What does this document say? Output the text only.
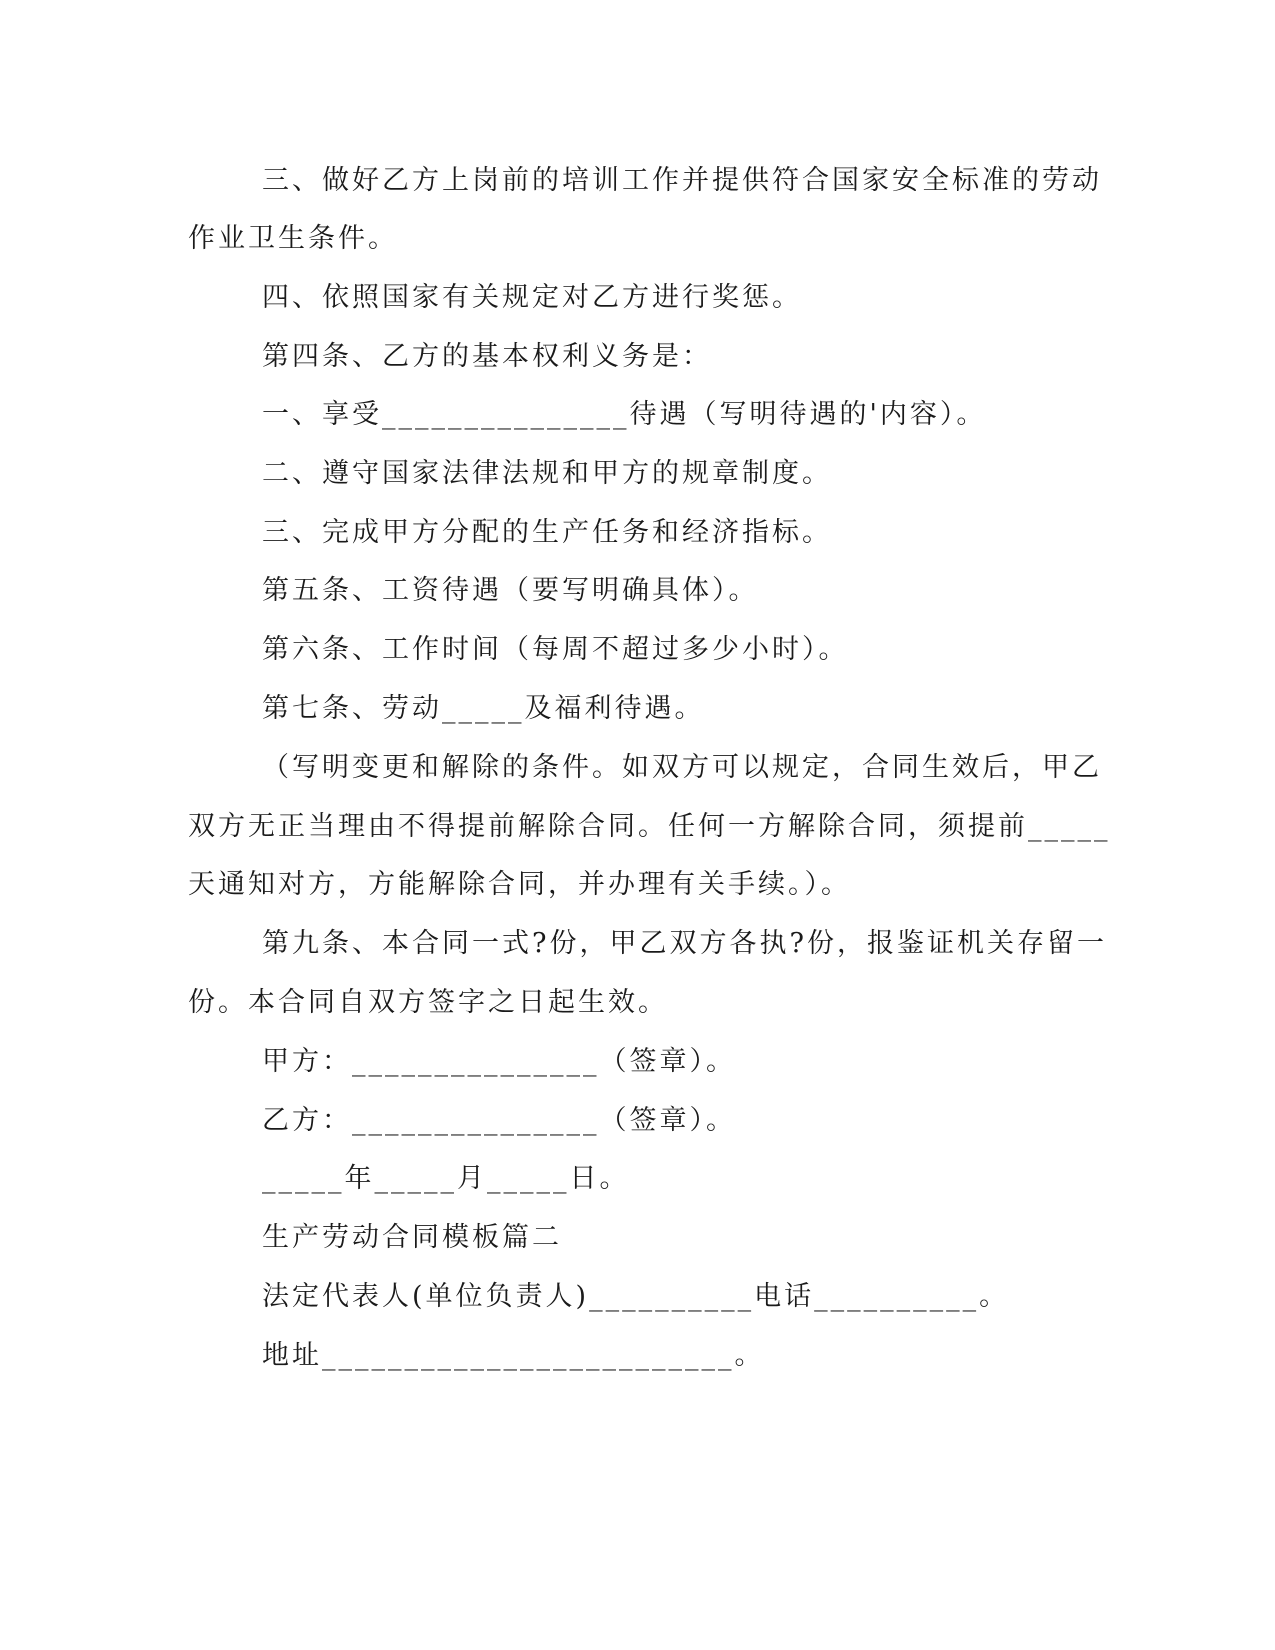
三、做好乙方上岗前的培训工作并提供符合国家安全标准的劳动
作业卫生条件。
四、依照国家有关规定对乙方进行奖惩。
第四条、乙方的基本权利义务是：
一、享受_______________待遇（写明待遇的'内容）。
二、遵守国家法律法规和甲方的规章制度。
三、完成甲方分配的生产任务和经济指标。
第五条、工资待遇（要写明确具体）。
第六条、工作时间（每周不超过多少小时）。
第七条、劳动_____及福利待遇。
（写明变更和解除的条件。如双方可以规定，合同生效后，甲乙
双方无正当理由不得提前解除合同。任何一方解除合同，须提前_____
天通知对方，方能解除合同，并办理有关手续。）。
第九条、本合同一式?份，甲乙双方各执?份，报鉴证机关存留一
份。本合同自双方签字之日起生效。
甲方：_______________（签章）。
乙方：_______________（签章）。
_____年_____月_____日。
生产劳动合同模板篇二
法定代表人(单位负责人)__________电话__________。
地址_________________________。
